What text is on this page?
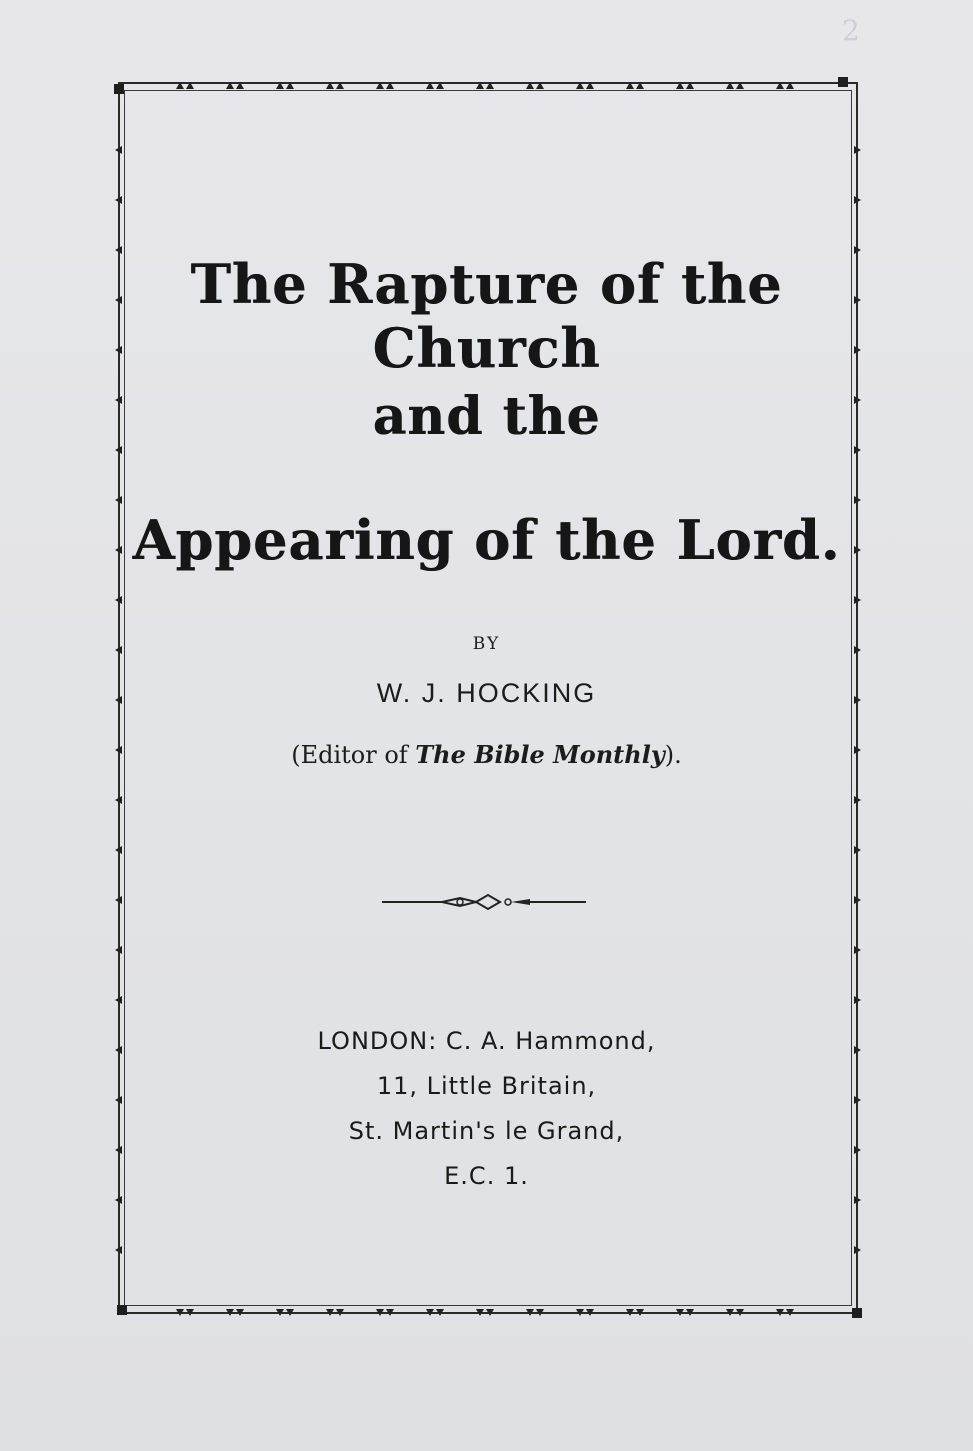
2
The Rapture of the Church
and the
Appearing of the Lord.
BY
W. J. HOCKING
(Editor of The Bible Monthly).
LONDON: C. A. Hammond,
11, Little Britain,
St. Martin's le Grand,
E.C. 1.
